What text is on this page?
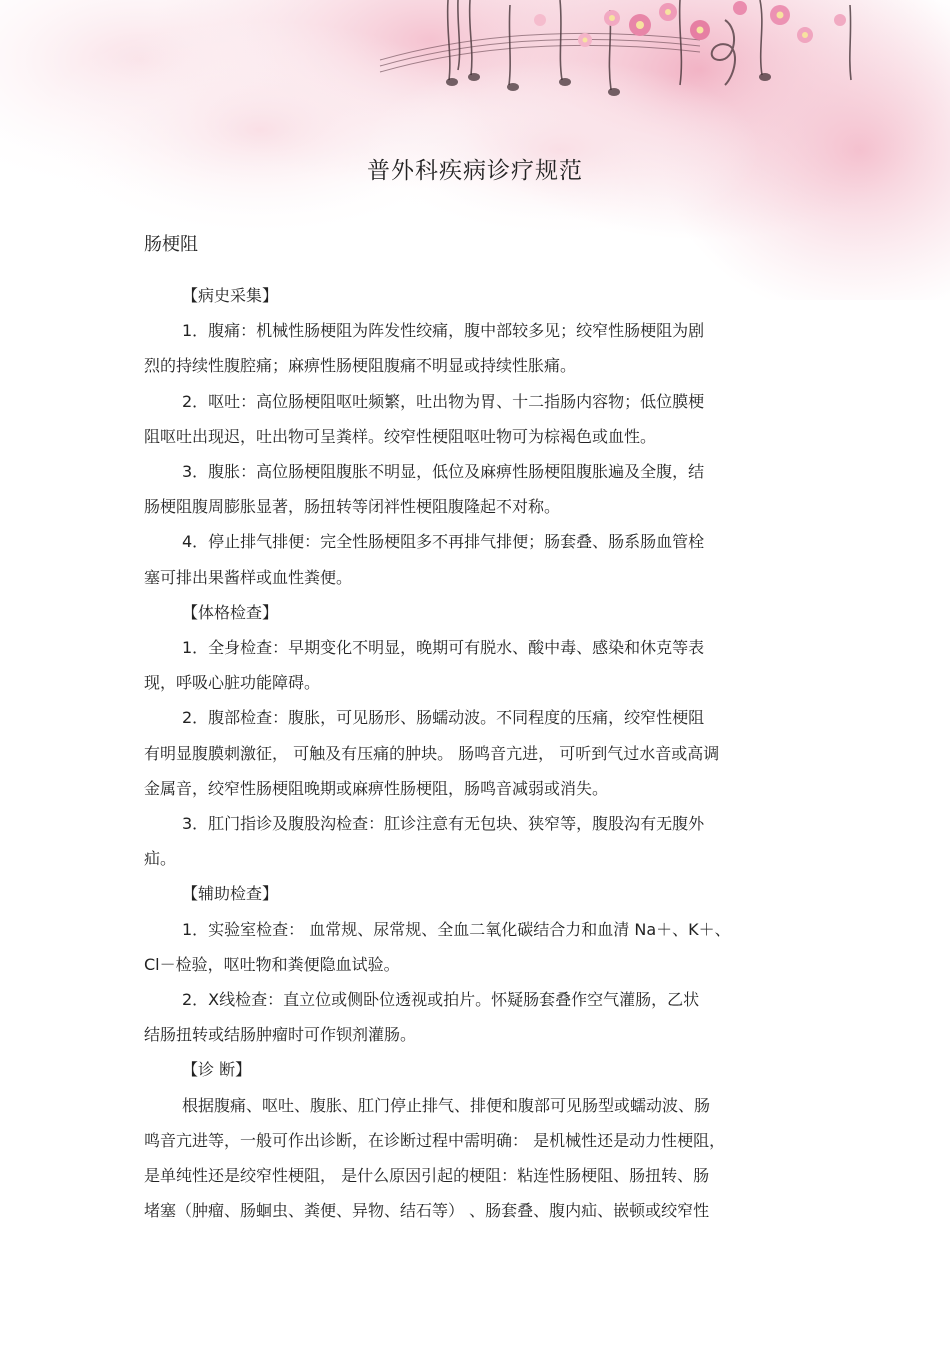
普外科疾病诊疗规范
肠梗阻
【病史采集】
1．腹痛：机械性肠梗阻为阵发性绞痛，腹中部较多见；绞窄性肠梗阻为剧
烈的持续性腹腔痛；麻痹性肠梗阻腹痛不明显或持续性胀痛。
2．呕吐：高位肠梗阻呕吐频繁，吐出物为胃、十二指肠内容物；低位膜梗
阻呕吐出现迟，吐出物可呈粪样。绞窄性梗阻呕吐物可为棕褐色或血性。
3．腹胀：高位肠梗阻腹胀不明显，低位及麻痹性肠梗阻腹胀遍及全腹，结
肠梗阻腹周膨胀显著，肠扭转等闭袢性梗阻腹隆起不对称。
4．停止排气排便：完全性肠梗阻多不再排气排便；肠套叠、肠系肠血管栓
塞可排出果酱样或血性粪便。
【体格检查】
1．全身检查：早期变化不明显，晚期可有脱水、酸中毒、感染和休克等表
现，呼吸心脏功能障碍。
2．腹部检查：腹胀，可见肠形、肠蠕动波。不同程度的压痛，绞窄性梗阻
有明显腹膜刺激征， 可触及有压痛的肿块。 肠鸣音亢进， 可听到气过水音或高调
金属音，绞窄性肠梗阻晚期或麻痹性肠梗阻，肠鸣音减弱或消失。
3．肛门指诊及腹股沟检查：肛诊注意有无包块、狭窄等，腹股沟有无腹外
疝。
【辅助检查】
1．实验室检查： 血常规、尿常规、全血二氧化碳结合力和血清 Na＋、K＋、
Cl－检验，呕吐物和粪便隐血试验。
2．X线检查：直立位或侧卧位透视或拍片。怀疑肠套叠作空气灌肠，乙状
结肠扭转或结肠肿瘤时可作钡剂灌肠。
【诊 断】
根据腹痛、呕吐、腹胀、肛门停止排气、排便和腹部可见肠型或蠕动波、肠
鸣音亢进等，一般可作出诊断，在诊断过程中需明确： 是机械性还是动力性梗阻，
是单纯性还是绞窄性梗阻， 是什么原因引起的梗阻：粘连性肠梗阻、肠扭转、肠
堵塞（肿瘤、肠蛔虫、粪便、异物、结石等） 、肠套叠、腹内疝、嵌顿或绞窄性
